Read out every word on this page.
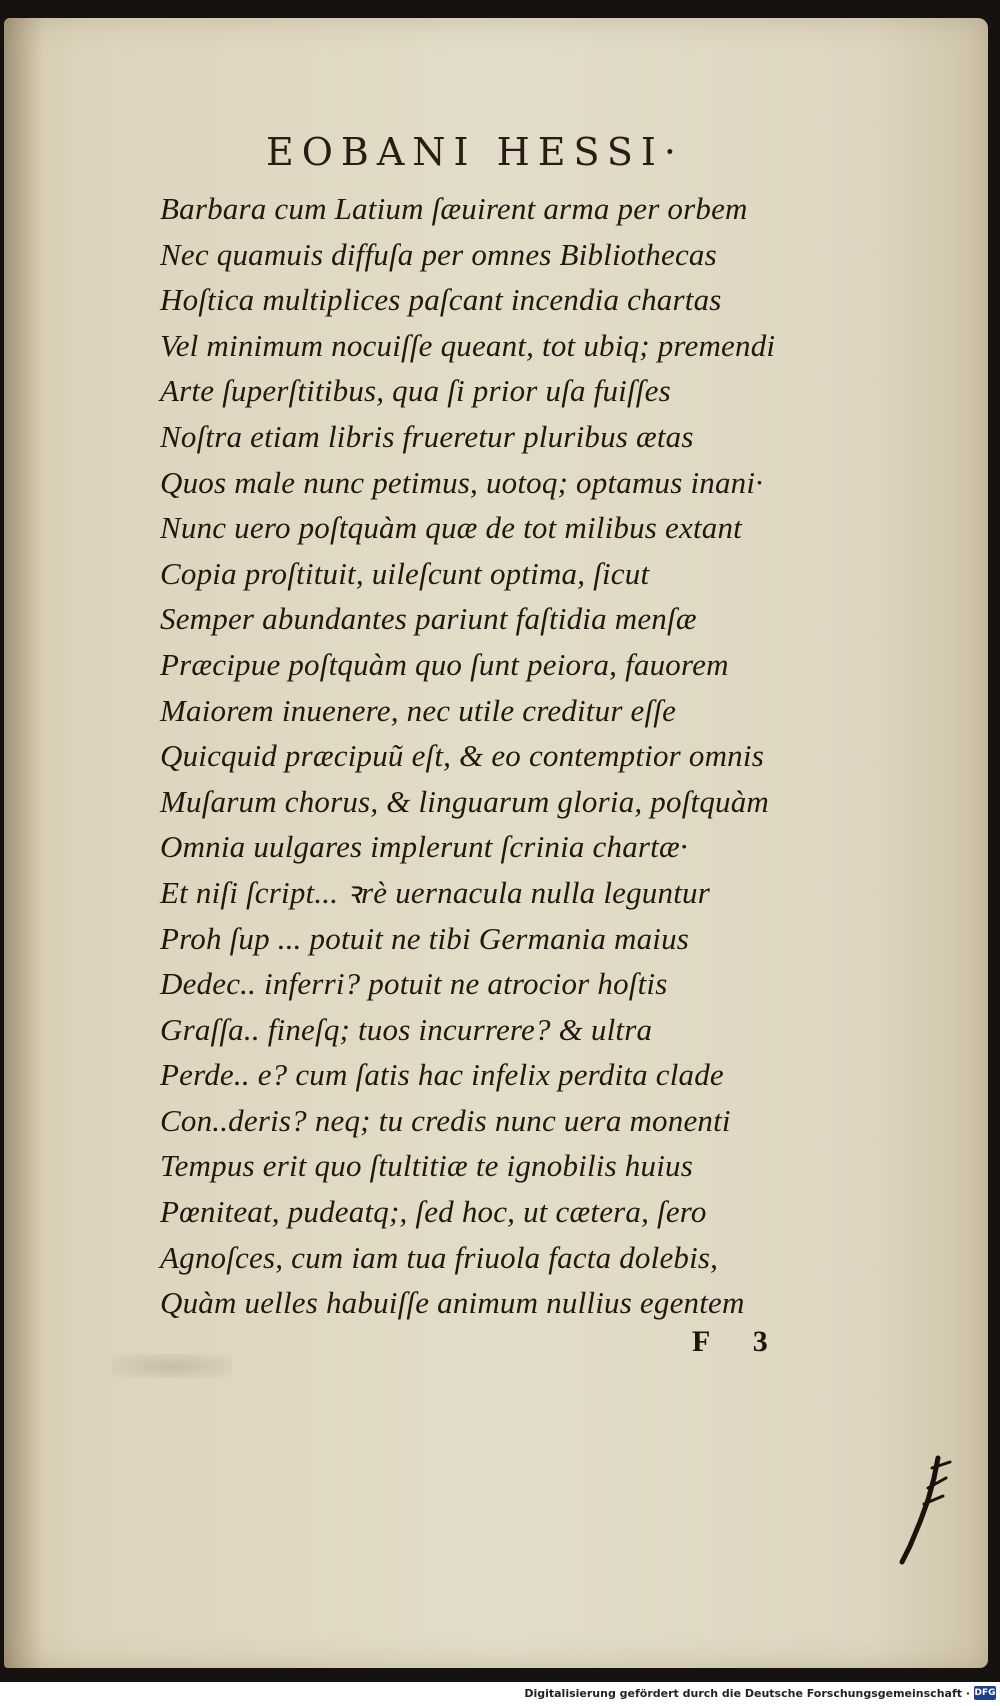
EOBANI HESSI·
Barbara cum Latium ſæuirent arma per orbem
Nec quamuis diffuſa per omnes Bibliothecas
Hoſtica multiplices paſcant incendia chartas
Vel minimum nocuiſſe queant, tot ubiq; premendi
Arte ſuperſtitibus, qua ſi prior uſa fuiſſes
Noſtra etiam libris frueretur pluribus ætas
Quos male nunc petimus, uotoq; optamus inani·
Nunc uero poſtquàm quæ de tot milibus extant
Copia proſtituit, uileſcunt optima, ſicut
Semper abundantes pariunt faſtidia menſæ
Præcipue poſtquàm quo ſunt peiora, fauorem
Maiorem inuenere, nec utile creditur eſſe
Quicquid præcipuũ eſt, & eo contemptior omnis
Muſarum chorus, & linguarum gloria, poſtquàm
Omnia uulgares implerunt ſcrinia chartæ·
Et niſi ſcript... ꝛrè uernacula nulla leguntur
Proh ſup ... potuit ne tibi Germania maius
Dedec.. inferri? potuit ne atrocior hoſtis
Graſſa.. fineſq; tuos incurrere? & ultra
Perde.. e? cum ſatis hac infelix perdita clade
Con..deris? neq; tu credis nunc uera monenti
Tempus erit quo ſtultitiæ te ignobilis huius
Pœniteat, pudeatq;, ſed hoc, ut cætera, ſero
Agnoſces, cum iam tua friuola facta dolebis,
Quàm uelles habuiſſe animum nullius egentem
F 3
Digitalisierung gefördert durch die Deutsche Forschungsgemeinschaft · DFG
